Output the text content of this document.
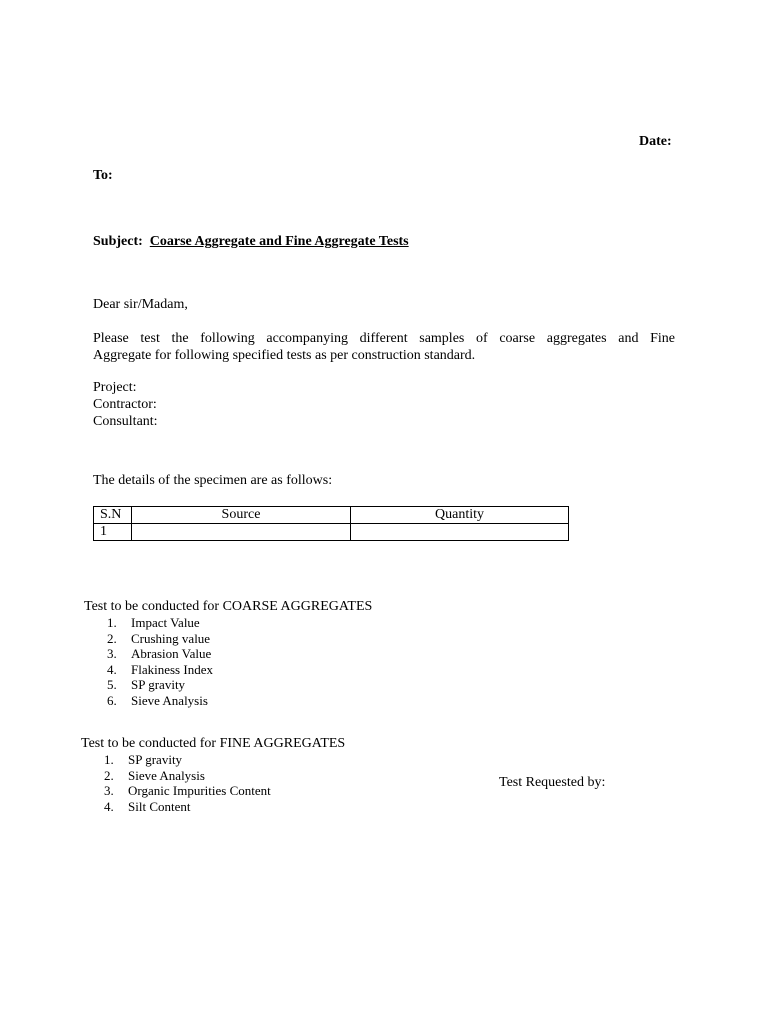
Date:
To:
Subject: Coarse Aggregate and Fine Aggregate Tests
Dear sir/Madam,
Please test the following accompanying different samples of coarse aggregates and Fine
Aggregate for following specified tests as per construction standard.
Project:
Contractor:
Consultant:
The details of the specimen are as follows:
S.N	Source	Quantity
1		
Test to be conducted for COARSE AGGREGATES
1. Impact Value
2. Crushing value
3. Abrasion Value
4. Flakiness Index
5. SP gravity
6. Sieve Analysis
Test to be conducted for FINE AGGREGATES
1. SP gravity
2. Sieve Analysis
3. Organic Impurities Content
4. Silt Content
Test Requested by:
